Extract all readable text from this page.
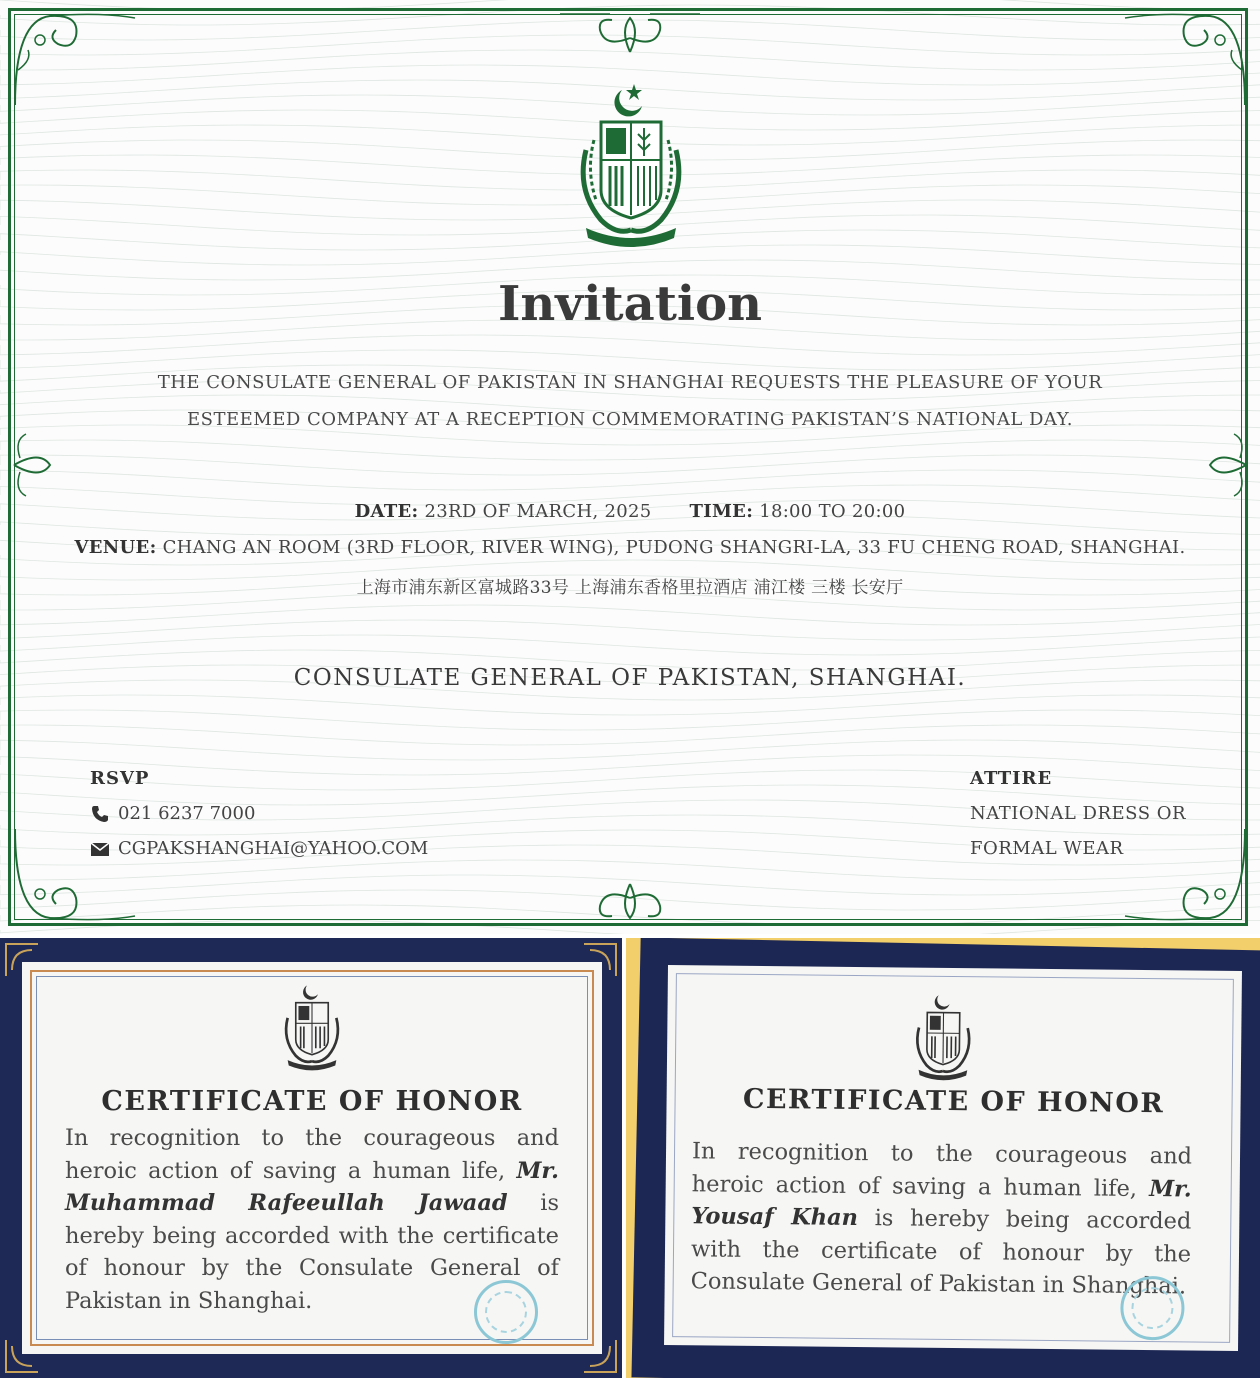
Invitation
THE CONSULATE GENERAL OF PAKISTAN IN SHANGHAI REQUESTS THE PLEASURE OF YOUR
ESTEEMED COMPANY AT A RECEPTION COMMEMORATING PAKISTAN’S NATIONAL DAY.
DATE: 23RD OF MARCH, 2025 TIME: 18:00 TO 20:00
VENUE: CHANG AN ROOM (3RD FLOOR, RIVER WING), PUDONG SHANGRI-LA, 33 FU CHENG ROAD, SHANGHAI.
上海市浦东新区富城路33号 上海浦东香格里拉酒店 浦江楼 三楼 长安厅
CONSULATE GENERAL OF PAKISTAN, SHANGHAI.
RSVP
021 6237 7000
CGPAKSHANGHAI@YAHOO.COM
ATTIRE
NATIONAL DRESS OR
FORMAL WEAR
CERTIFICATE OF HONOR
In recognition to the courageous and heroic action of saving a human life, Mr. Muhammad Rafeeullah Jawaad is hereby being accorded with the certificate of honour by the Consulate General of Pakistan in Shanghai.
CERTIFICATE OF HONOR
In recognition to the courageous and heroic action of saving a human life, Mr. Yousaf Khan is hereby being accorded with the certificate of honour by the Consulate General of Pakistan in Shanghai.
